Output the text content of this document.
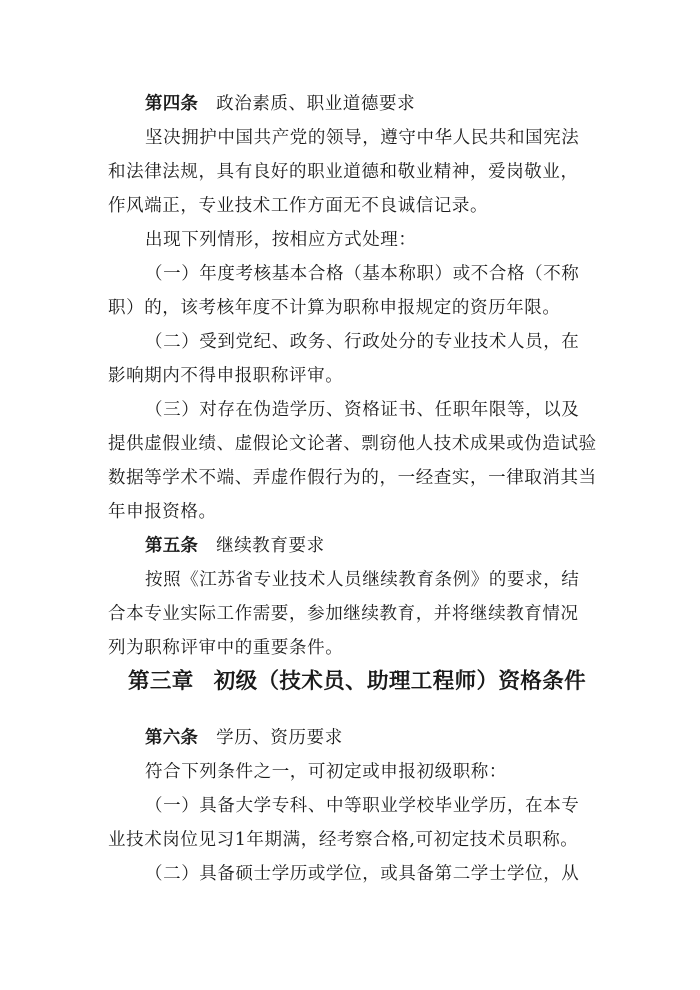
第四条 政治素质、职业道德要求
坚决拥护中国共产党的领导，遵守中华人民共和国宪法
和法律法规，具有良好的职业道德和敬业精神，爱岗敬业，
作风端正，专业技术工作方面无不良诚信记录。
出现下列情形，按相应方式处理：
（一）年度考核基本合格（基本称职）或不合格（不称
职）的，该考核年度不计算为职称申报规定的资历年限。
（二）受到党纪、政务、行政处分的专业技术人员，在
影响期内不得申报职称评审。
（三）对存在伪造学历、资格证书、任职年限等，以及
提供虚假业绩、虚假论文论著、剽窃他人技术成果或伪造试验
数据等学术不端、弄虚作假行为的，一经查实，一律取消其当
年申报资格。
第五条 继续教育要求
按照《江苏省专业技术人员继续教育条例》的要求，结
合本专业实际工作需要，参加继续教育，并将继续教育情况
列为职称评审中的重要条件。
第三章 初级（技术员、助理工程师）资格条件
第六条 学历、资历要求
符合下列条件之一，可初定或申报初级职称：
（一）具备大学专科、中等职业学校毕业学历，在本专
业技术岗位见习1年期满，经考察合格,可初定技术员职称。
（二）具备硕士学历或学位，或具备第二学士学位，从
